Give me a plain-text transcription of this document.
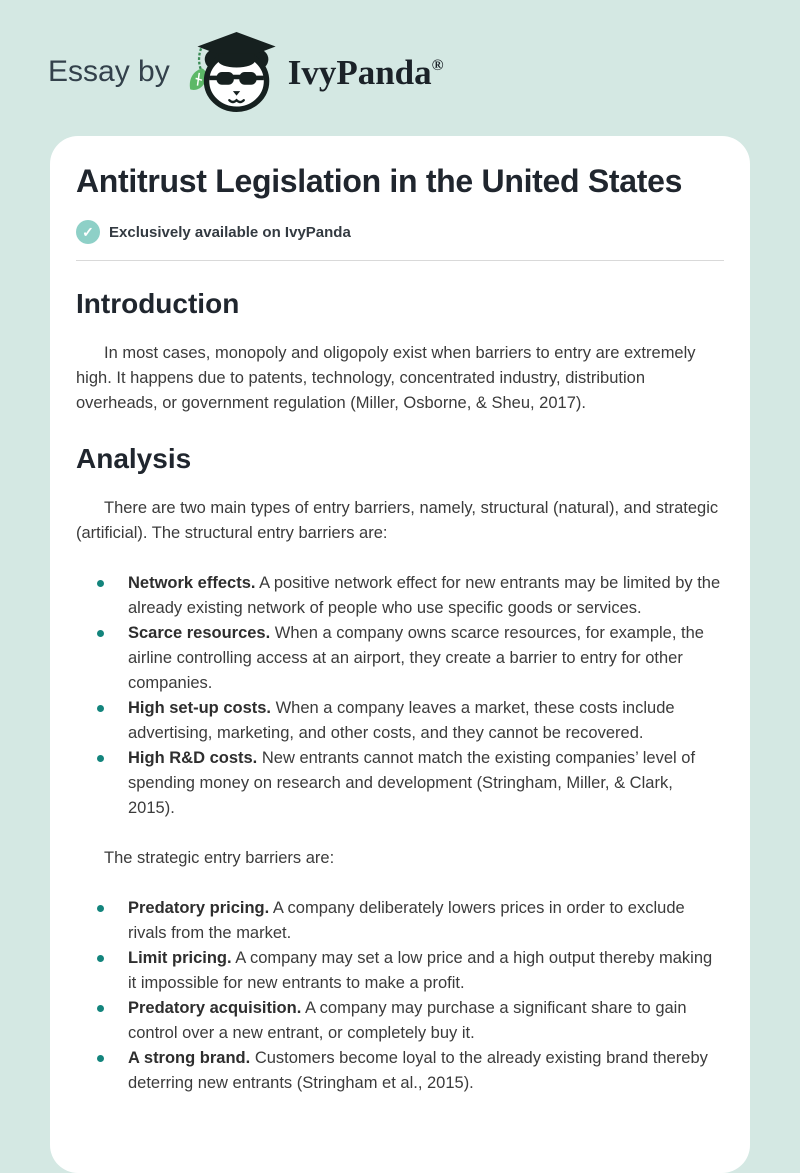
Essay by	IvyPanda®
Antitrust Legislation in the United States
✓	Exclusively available on IvyPanda
Introduction

In most cases, monopoly and oligopoly exist when barriers to entry are extremely high. It happens due to patents, technology, concentrated industry, distribution overheads, or government regulation (Miller, Osborne, & Sheu, 2017).

Analysis

There are two main types of entry barriers, namely, structural (natural), and strategic (artificial). The structural entry barriers are:

Network effects. A positive network effect for new entrants may be limited by the already existing network of people who use specific goods or services.
Scarce resources. When a company owns scarce resources, for example, the airline controlling access at an airport, they create a barrier to entry for other companies.
High set-up costs. When a company leaves a market, these costs include advertising, marketing, and other costs, and they cannot be recovered.
High R&D costs. New entrants cannot match the existing companies’ level of spending money on research and development (Stringham, Miller, & Clark, 2015).

The strategic entry barriers are:

Predatory pricing. A company deliberately lowers prices in order to exclude rivals from the market.
Limit pricing. A company may set a low price and a high output thereby making it impossible for new entrants to make a profit.
Predatory acquisition. A company may purchase a significant share to gain control over a new entrant, or completely buy it.
A strong brand. Customers become loyal to the already existing brand thereby deterring new entrants (Stringham et al., 2015).
